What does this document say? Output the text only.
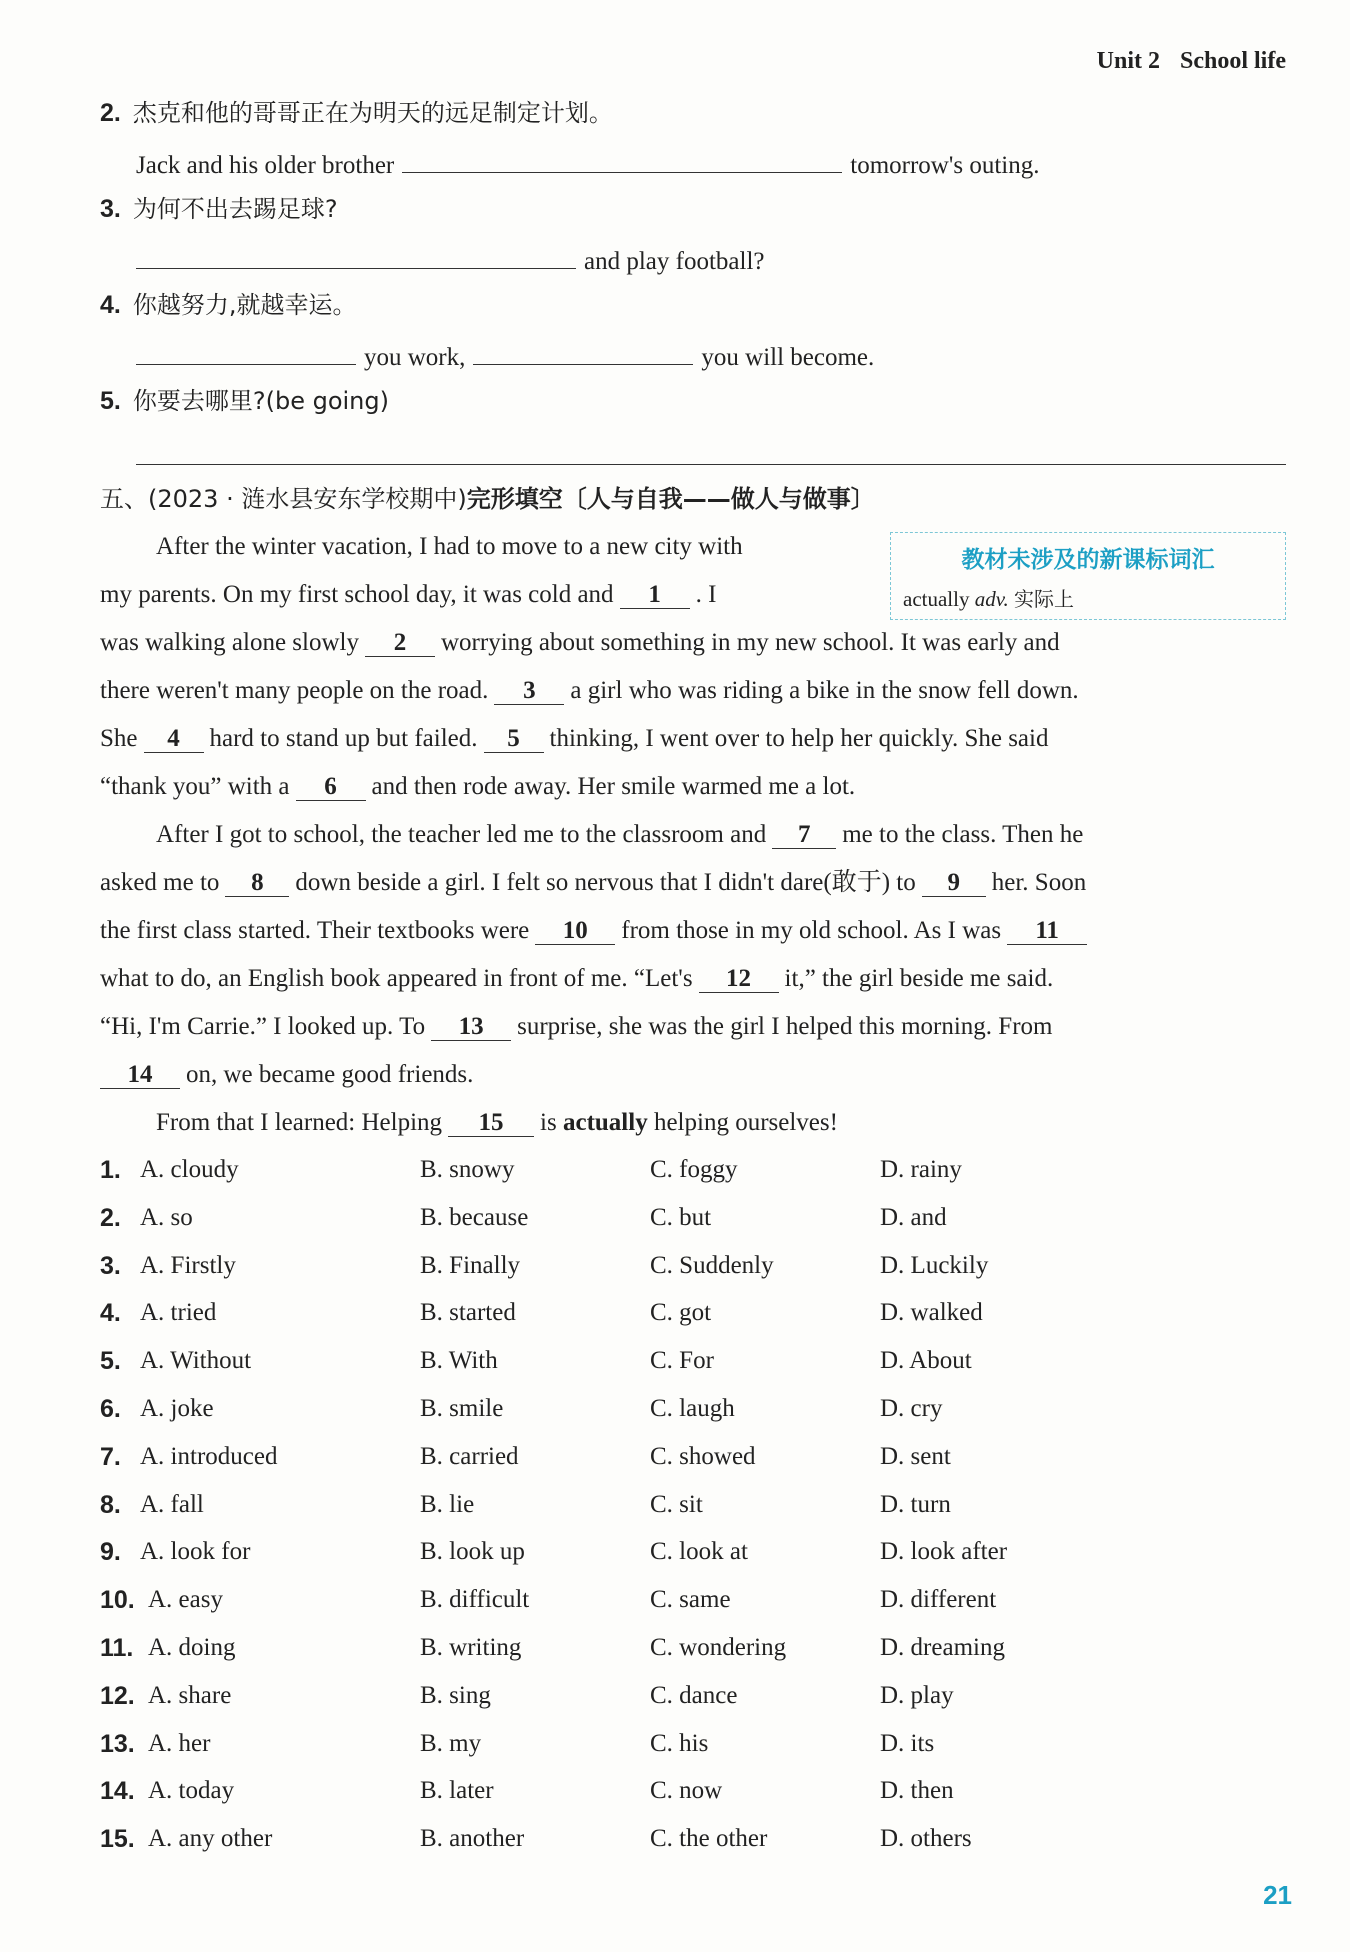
Unit 2 School life
2. 杰克和他的哥哥正在为明天的远足制定计划。
Jack and his older brother	tomorrow's outing.
3. 为何不出去踢足球?
and play football?
4. 你越努力,就越幸运。
you work,	you will become.
5. 你要去哪里?(be going)
五、(2023 · 涟水县安东学校期中)完形填空〔人与自我——做人与做事〕
教材未涉及的新课标词汇
actually adv. 实际上
After the winter vacation, I had to move to a new city with
my parents. On my first school day, it was cold and 1 . I
was walking alone slowly 2 worrying about something in my new school. It was early and
there weren't many people on the road. 3 a girl who was riding a bike in the snow fell down.
She 4 hard to stand up but failed. 5 thinking, I went over to help her quickly. She said
“thank you” with a 6 and then rode away. Her smile warmed me a lot.
After I got to school, the teacher led me to the classroom and 7 me to the class. Then he
asked me to 8 down beside a girl. I felt so nervous that I didn't dare(敢于) to 9 her. Soon
the first class started. Their textbooks were 10 from those in my old school. As I was 11
what to do, an English book appeared in front of me. “Let's 12 it,” the girl beside me said.
“Hi, I'm Carrie.” I looked up. To 13 surprise, she was the girl I helped this morning. From
14 on, we became good friends.
From that I learned: Helping 15 is actually helping ourselves!
1. A. cloudy	B. snowy	C. foggy	D. rainy
2. A. so	B. because	C. but	D. and
3. A. Firstly	B. Finally	C. Suddenly	D. Luckily
4. A. tried	B. started	C. got	D. walked
5. A. Without	B. With	C. For	D. About
6. A. joke	B. smile	C. laugh	D. cry
7. A. introduced	B. carried	C. showed	D. sent
8. A. fall	B. lie	C. sit	D. turn
9. A. look for	B. look up	C. look at	D. look after
10. A. easy	B. difficult	C. same	D. different
11. A. doing	B. writing	C. wondering	D. dreaming
12. A. share	B. sing	C. dance	D. play
13. A. her	B. my	C. his	D. its
14. A. today	B. later	C. now	D. then
15. A. any other	B. another	C. the other	D. others
21
